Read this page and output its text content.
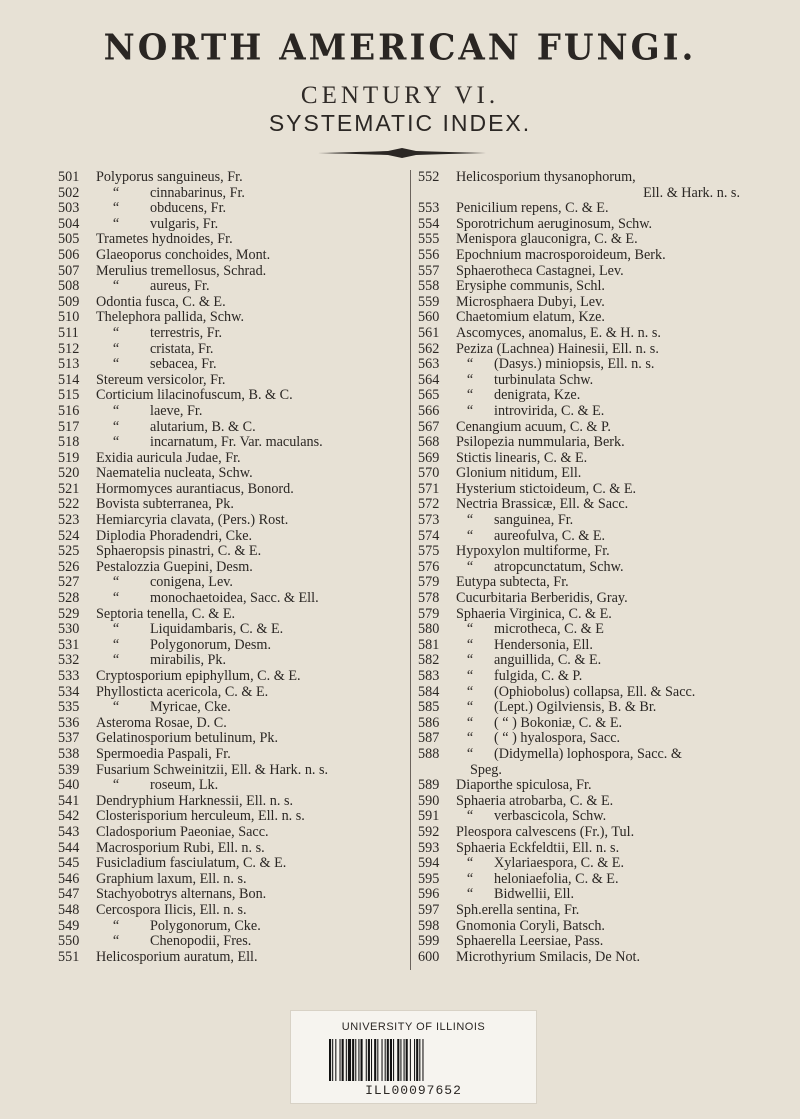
NORTH AMERICAN FUNGI.
CENTURY VI.
SYSTEMATIC INDEX.
501 Polyporus sanguineus, Fr.
502 “ cinnabarinus, Fr.
503 “ obducens, Fr.
504 “ vulgaris, Fr.
505 Trametes hydnoides, Fr.
506 Glaeoporus conchoides, Mont.
507 Merulius tremellosus, Schrad.
508 “ aureus, Fr.
509 Odontia fusca, C. & E.
510 Thelephora pallida, Schw.
511 “ terrestris, Fr.
512 “ cristata, Fr.
513 “ sebacea, Fr.
514 Stereum versicolor, Fr.
515 Corticium lilacinofuscum, B. & C.
516 “ laeve, Fr.
517 “ alutarium, B. & C.
518 “ incarnatum, Fr. Var. maculans.
519 Exidia auricula Judae, Fr.
520 Naematelia nucleata, Schw.
521 Hormomyces aurantiacus, Bonord.
522 Bovista subterranea, Pk.
523 Hemiarcyria clavata, (Pers.) Rost.
524 Diplodia Phoradendri, Cke.
525 Sphaeropsis pinastri, C. & E.
526 Pestalozzia Guepini, Desm.
527 “ conigena, Lev.
528 “ monochaetoidea, Sacc. & Ell.
529 Septoria tenella, C. & E.
530 “ Liquidambaris, C. & E.
531 “ Polygonorum, Desm.
532 “ mirabilis, Pk.
533 Cryptosporium epiphyllum, C. & E.
534 Phyllosticta acericola, C. & E.
535 “ Myricae, Cke.
536 Asteroma Rosae, D. C.
537 Gelatinosporium betulinum, Pk.
538 Spermoedia Paspali, Fr.
539 Fusarium Schweinitzii, Ell. & Hark. n. s.
540 “ roseum, Lk.
541 Dendryphium Harknessii, Ell. n. s.
542 Closterisporium herculeum, Ell. n. s.
543 Cladosporium Paeoniae, Sacc.
544 Macrosporium Rubi, Ell. n. s.
545 Fusicladium fasciulatum, C. & E.
546 Graphium laxum, Ell. n. s.
547 Stachyobotrys alternans, Bon.
548 Cercospora Ilicis, Ell. n. s.
549 “ Polygonorum, Cke.
550 “ Chenopodii, Fres.
551 Helicosporium auratum, Ell.
552 Helicosporium thysanophorum,
Ell. & Hark. n. s.
553 Penicilium repens, C. & E.
554 Sporotrichum aeruginosum, Schw.
555 Menispora glauconigra, C. & E.
556 Epochnium macrosporoideum, Berk.
557 Sphaerotheca Castagnei, Lev.
558 Erysiphe communis, Schl.
559 Microsphaera Dubyi, Lev.
560 Chaetomium elatum, Kze.
561 Ascomyces, anomalus, E. & H. n. s.
562 Peziza (Lachnea) Hainesii, Ell. n. s.
563 “ (Dasys.) miniopsis, Ell. n. s.
564 “ turbinulata Schw.
565 “ denigrata, Kze.
566 “ introvirida, C. & E.
567 Cenangium acuum, C. & P.
568 Psilopezia nummularia, Berk.
569 Stictis linearis, C. & E.
570 Glonium nitidum, Ell.
571 Hysterium stictoideum, C. & E.
572 Nectria Brassicæ, Ell. & Sacc.
573 “ sanguinea, Fr.
574 “ aureofulva, C. & E.
575 Hypoxylon multiforme, Fr.
576 “ atropcunctatum, Schw.
579 Eutypa subtecta, Fr.
578 Cucurbitaria Berberidis, Gray.
579 Sphaeria Virginica, C. & E.
580 “ microtheca, C. & E
581 “ Hendersonia, Ell.
582 “ anguillida, C. & E.
583 “ fulgida, C. & P.
584 “ (Ophiobolus) collapsa, Ell. & Sacc.
585 “ (Lept.) Ogilviensis, B. & Br.
586 “ ( “ ) Bokoniæ, C. & E.
587 “ ( “ ) hyalospora, Sacc.
588 “ (Didymella) lophospora, Sacc. &
Speg.
589 Diaporthe spiculosa, Fr.
590 Sphaeria atrobarba, C. & E.
591 “ verbascicola, Schw.
592 Pleospora calvescens (Fr.), Tul.
593 Sphaeria Eckfeldtii, Ell. n. s.
594 “ Xylariaespora, C. & E.
595 “ heloniaefolia, C. & E.
596 “ Bidwellii, Ell.
597 Sph.erella sentina, Fr.
598 Gnomonia Coryli, Batsch.
599 Sphaerella Leersiae, Pass.
600 Microthyrium Smilacis, De Not.
UNIVERSITY OF ILLINOIS
ILL00097652
